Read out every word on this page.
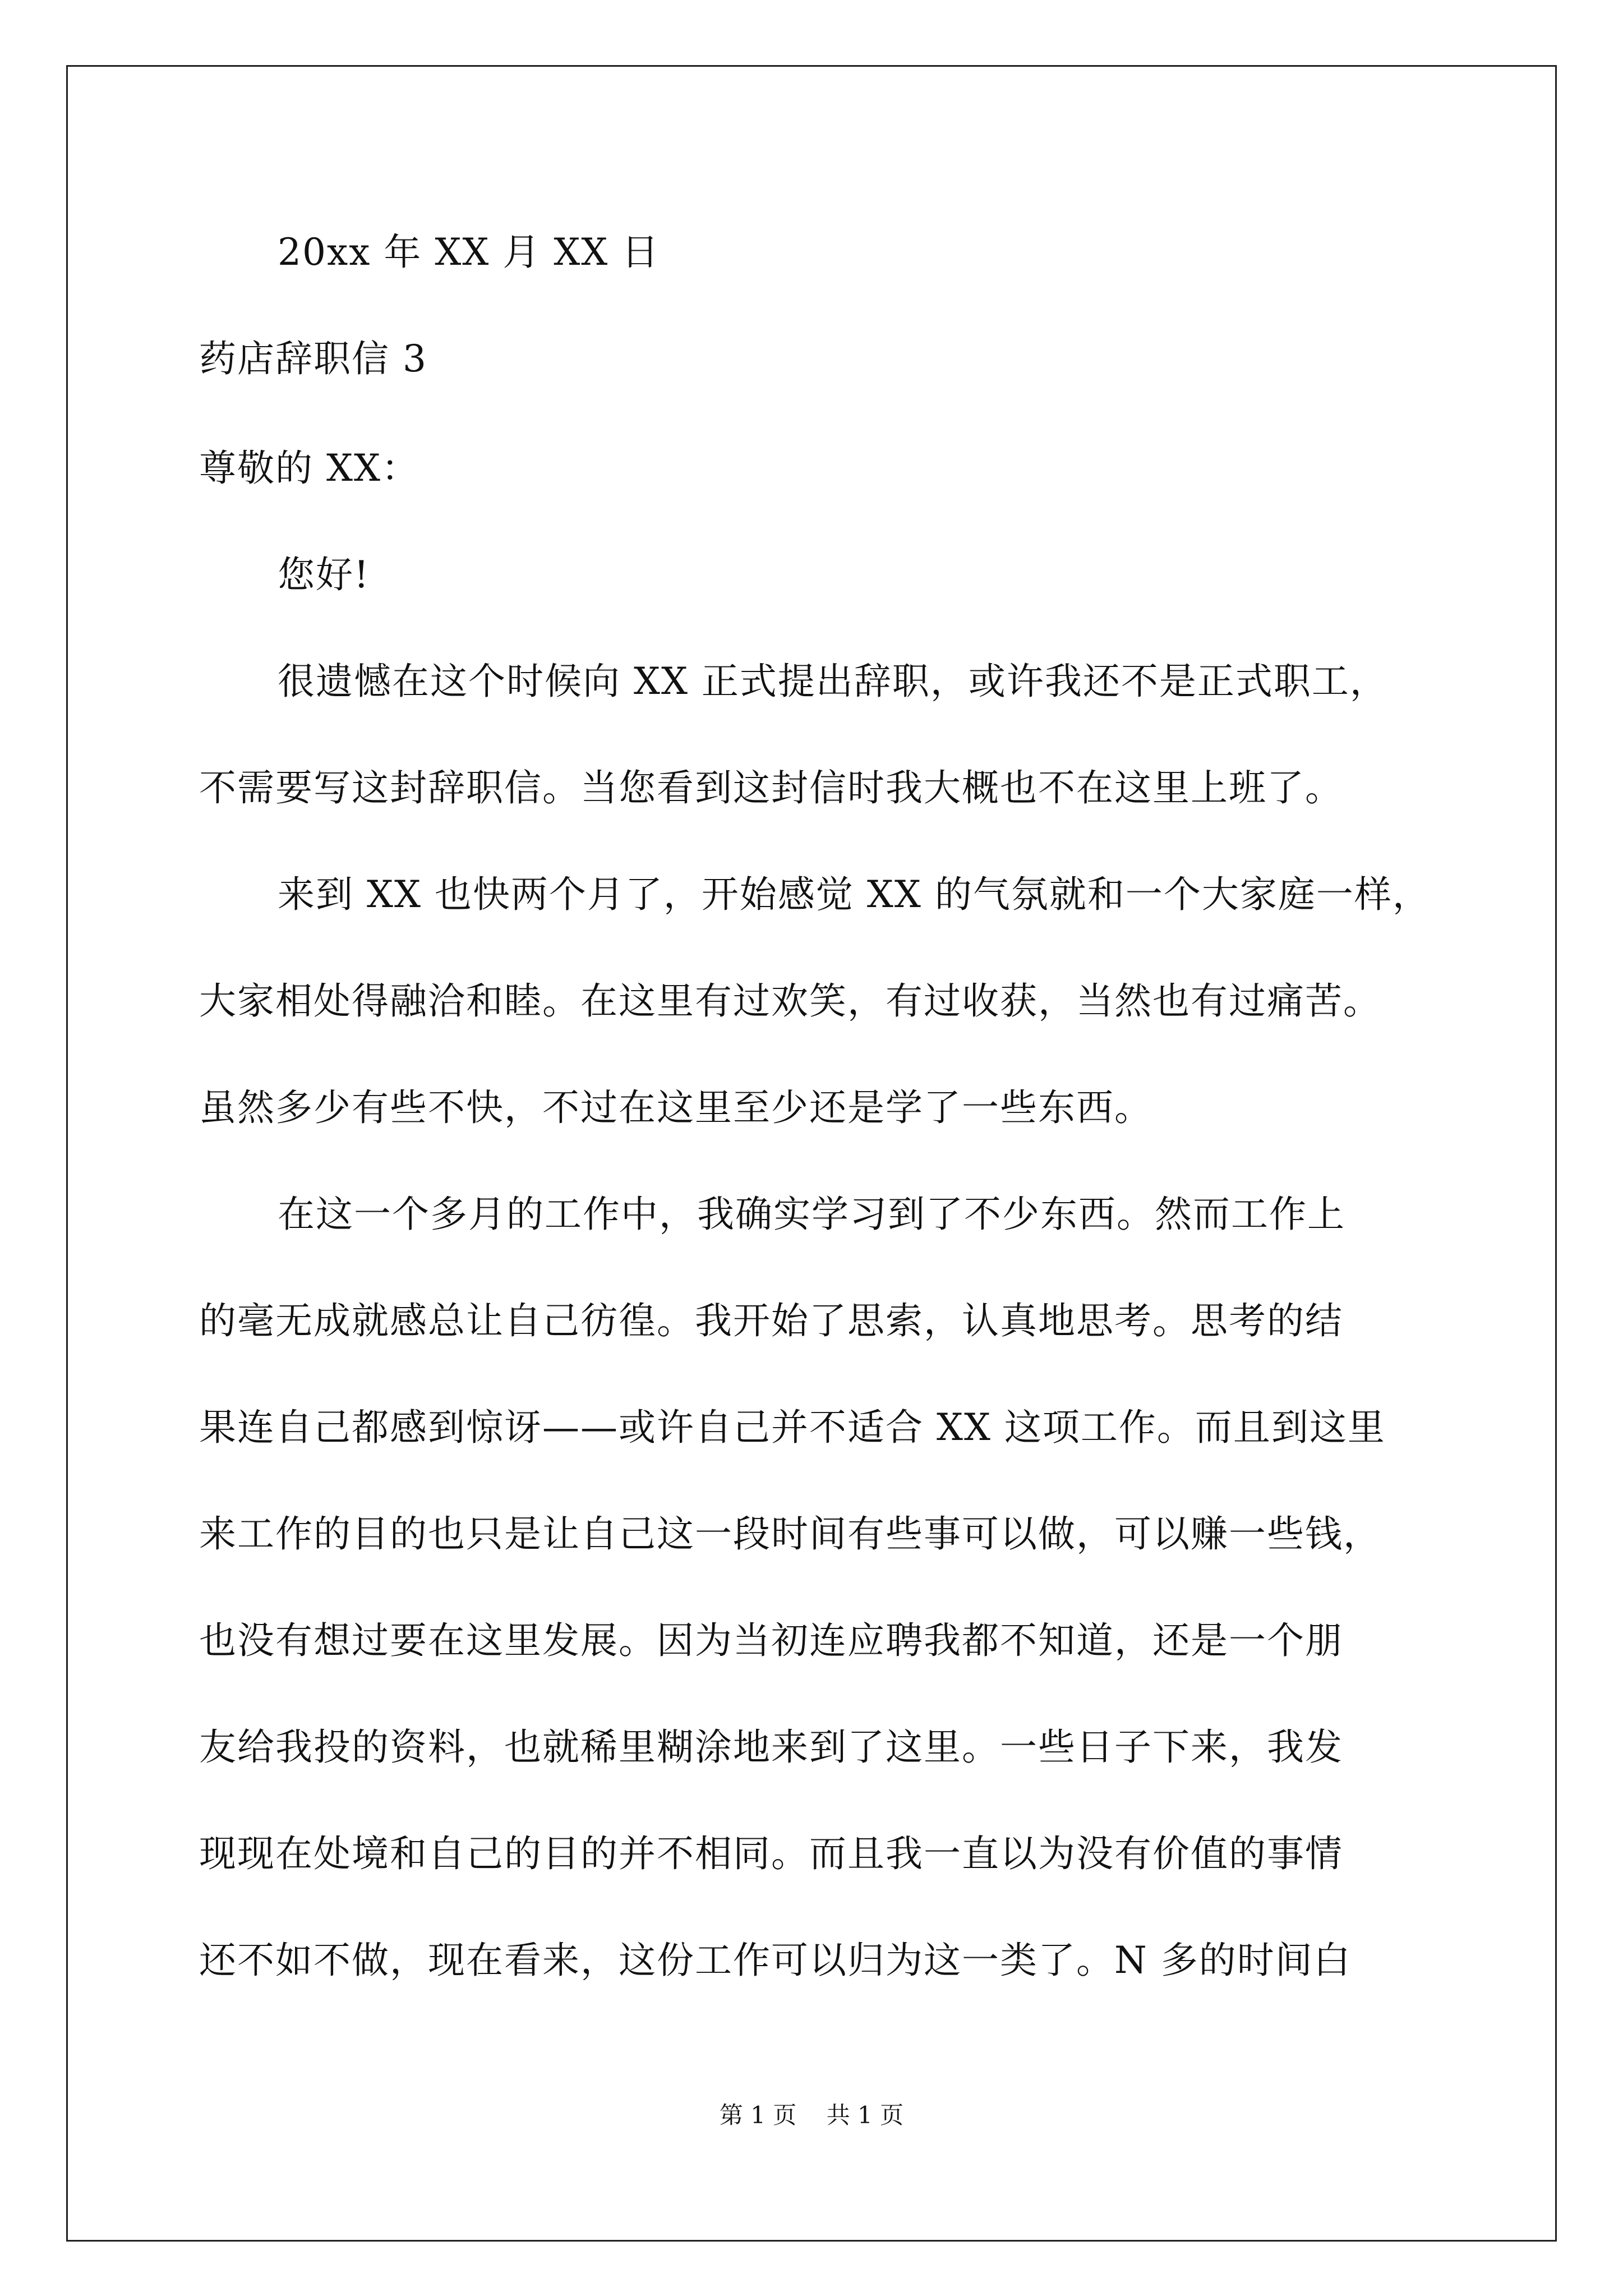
20xx 年 XX 月 XX 日
药店辞职信 3
尊敬的 XX：
您好!
很遗憾在这个时候向 XX 正式提出辞职，或许我还不是正式职工，
不需要写这封辞职信。当您看到这封信时我大概也不在这里上班了。
来到 XX 也快两个月了，开始感觉 XX 的气氛就和一个大家庭一样，
大家相处得融洽和睦。在这里有过欢笑，有过收获，当然也有过痛苦。
虽然多少有些不快，不过在这里至少还是学了一些东西。
在这一个多月的工作中，我确实学习到了不少东西。然而工作上
的毫无成就感总让自己彷徨。我开始了思索，认真地思考。思考的结
果连自己都感到惊讶——或许自己并不适合 XX 这项工作。而且到这里
来工作的目的也只是让自己这一段时间有些事可以做，可以赚一些钱，
也没有想过要在这里发展。因为当初连应聘我都不知道，还是一个朋
友给我投的资料，也就稀里糊涂地来到了这里。一些日子下来，我发
现现在处境和自己的目的并不相同。而且我一直以为没有价值的事情
还不如不做，现在看来，这份工作可以归为这一类了。N 多的时间白
第 1 页    共 1 页
